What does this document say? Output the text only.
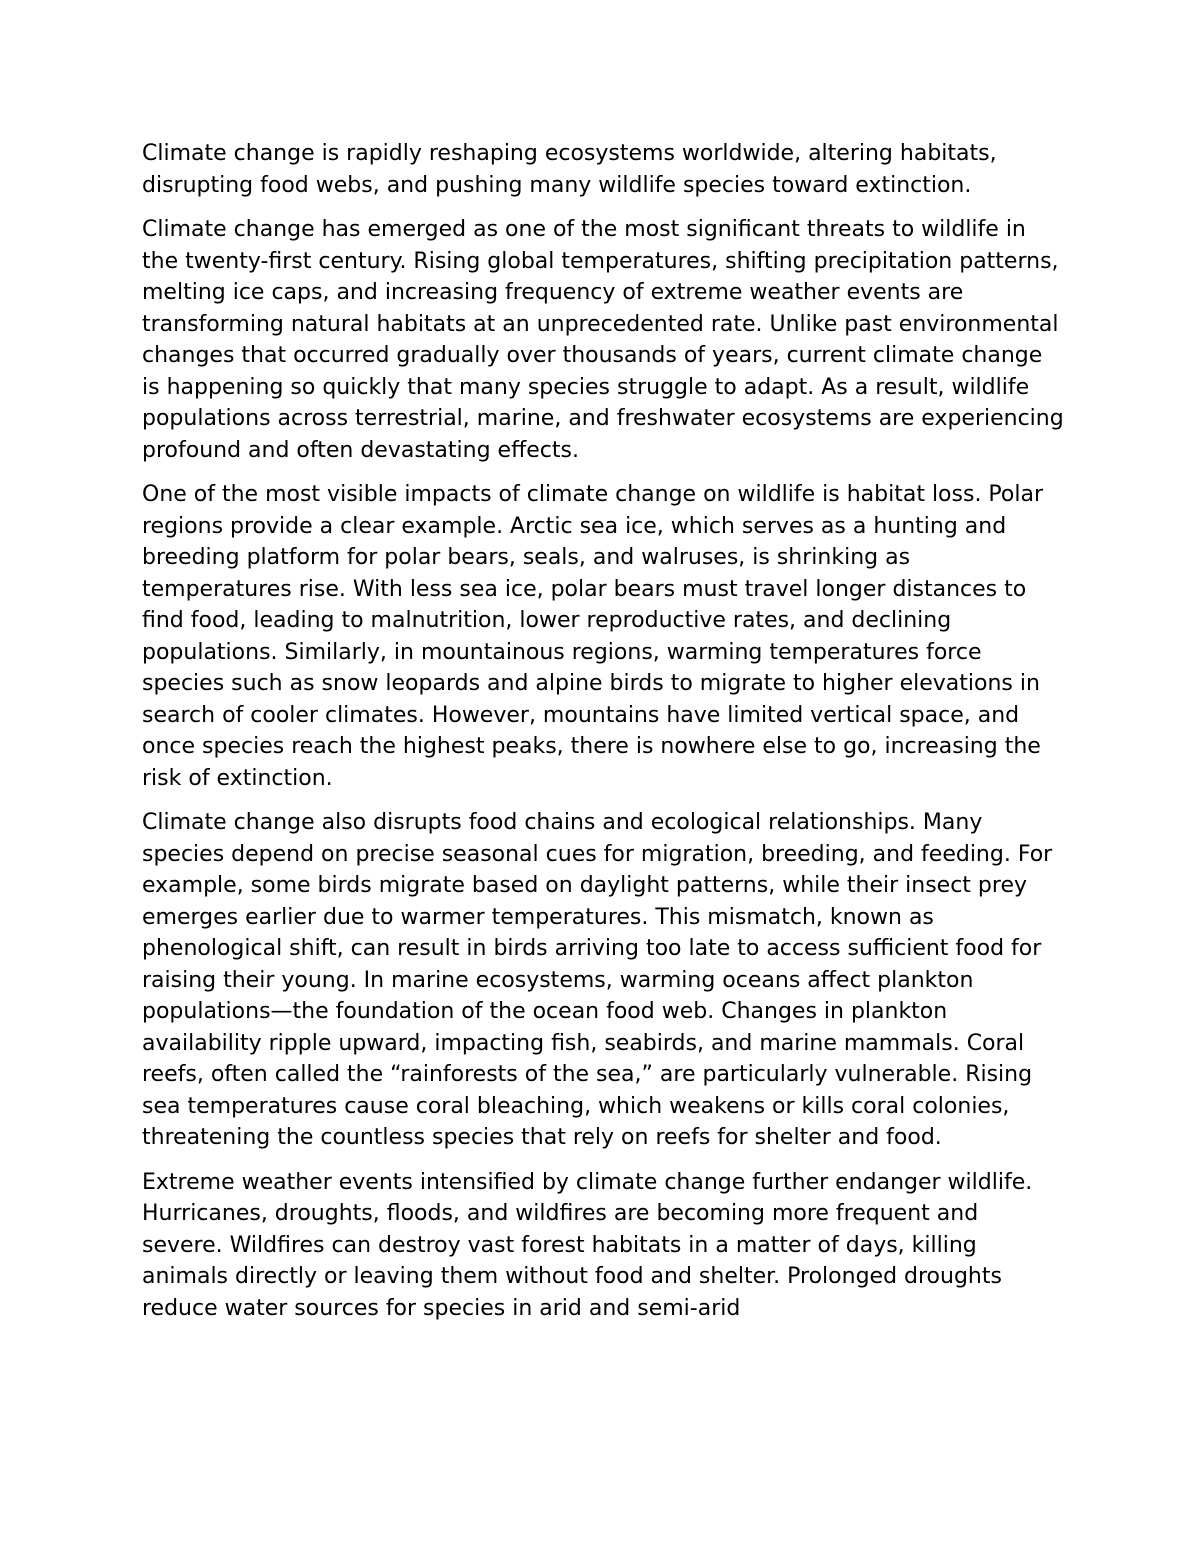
Climate change is rapidly reshaping ecosystems worldwide, altering habitats, disrupting food webs, and pushing many wildlife species toward extinction.

Climate change has emerged as one of the most significant threats to wildlife in the twenty-first century. Rising global temperatures, shifting precipitation patterns, melting ice caps, and increasing frequency of extreme weather events are transforming natural habitats at an unprecedented rate. Unlike past environmental changes that occurred gradually over thousands of years, current climate change is happening so quickly that many species struggle to adapt. As a result, wildlife populations across terrestrial, marine, and freshwater ecosystems are experiencing profound and often devastating effects.

One of the most visible impacts of climate change on wildlife is habitat loss. Polar regions provide a clear example. Arctic sea ice, which serves as a hunting and breeding platform for polar bears, seals, and walruses, is shrinking as temperatures rise. With less sea ice, polar bears must travel longer distances to find food, leading to malnutrition, lower reproductive rates, and declining populations. Similarly, in mountainous regions, warming temperatures force species such as snow leopards and alpine birds to migrate to higher elevations in search of cooler climates. However, mountains have limited vertical space, and once species reach the highest peaks, there is nowhere else to go, increasing the risk of extinction.

Climate change also disrupts food chains and ecological relationships. Many species depend on precise seasonal cues for migration, breeding, and feeding. For example, some birds migrate based on daylight patterns, while their insect prey emerges earlier due to warmer temperatures. This mismatch, known as phenological shift, can result in birds arriving too late to access sufficient food for raising their young. In marine ecosystems, warming oceans affect plankton populations—the foundation of the ocean food web. Changes in plankton availability ripple upward, impacting fish, seabirds, and marine mammals. Coral reefs, often called the “rainforests of the sea,” are particularly vulnerable. Rising sea temperatures cause coral bleaching, which weakens or kills coral colonies, threatening the countless species that rely on reefs for shelter and food.

Extreme weather events intensified by climate change further endanger wildlife. Hurricanes, droughts, floods, and wildfires are becoming more frequent and severe. Wildfires can destroy vast forest habitats in a matter of days, killing animals directly or leaving them without food and shelter. Prolonged droughts reduce water sources for species in arid and semi-arid
